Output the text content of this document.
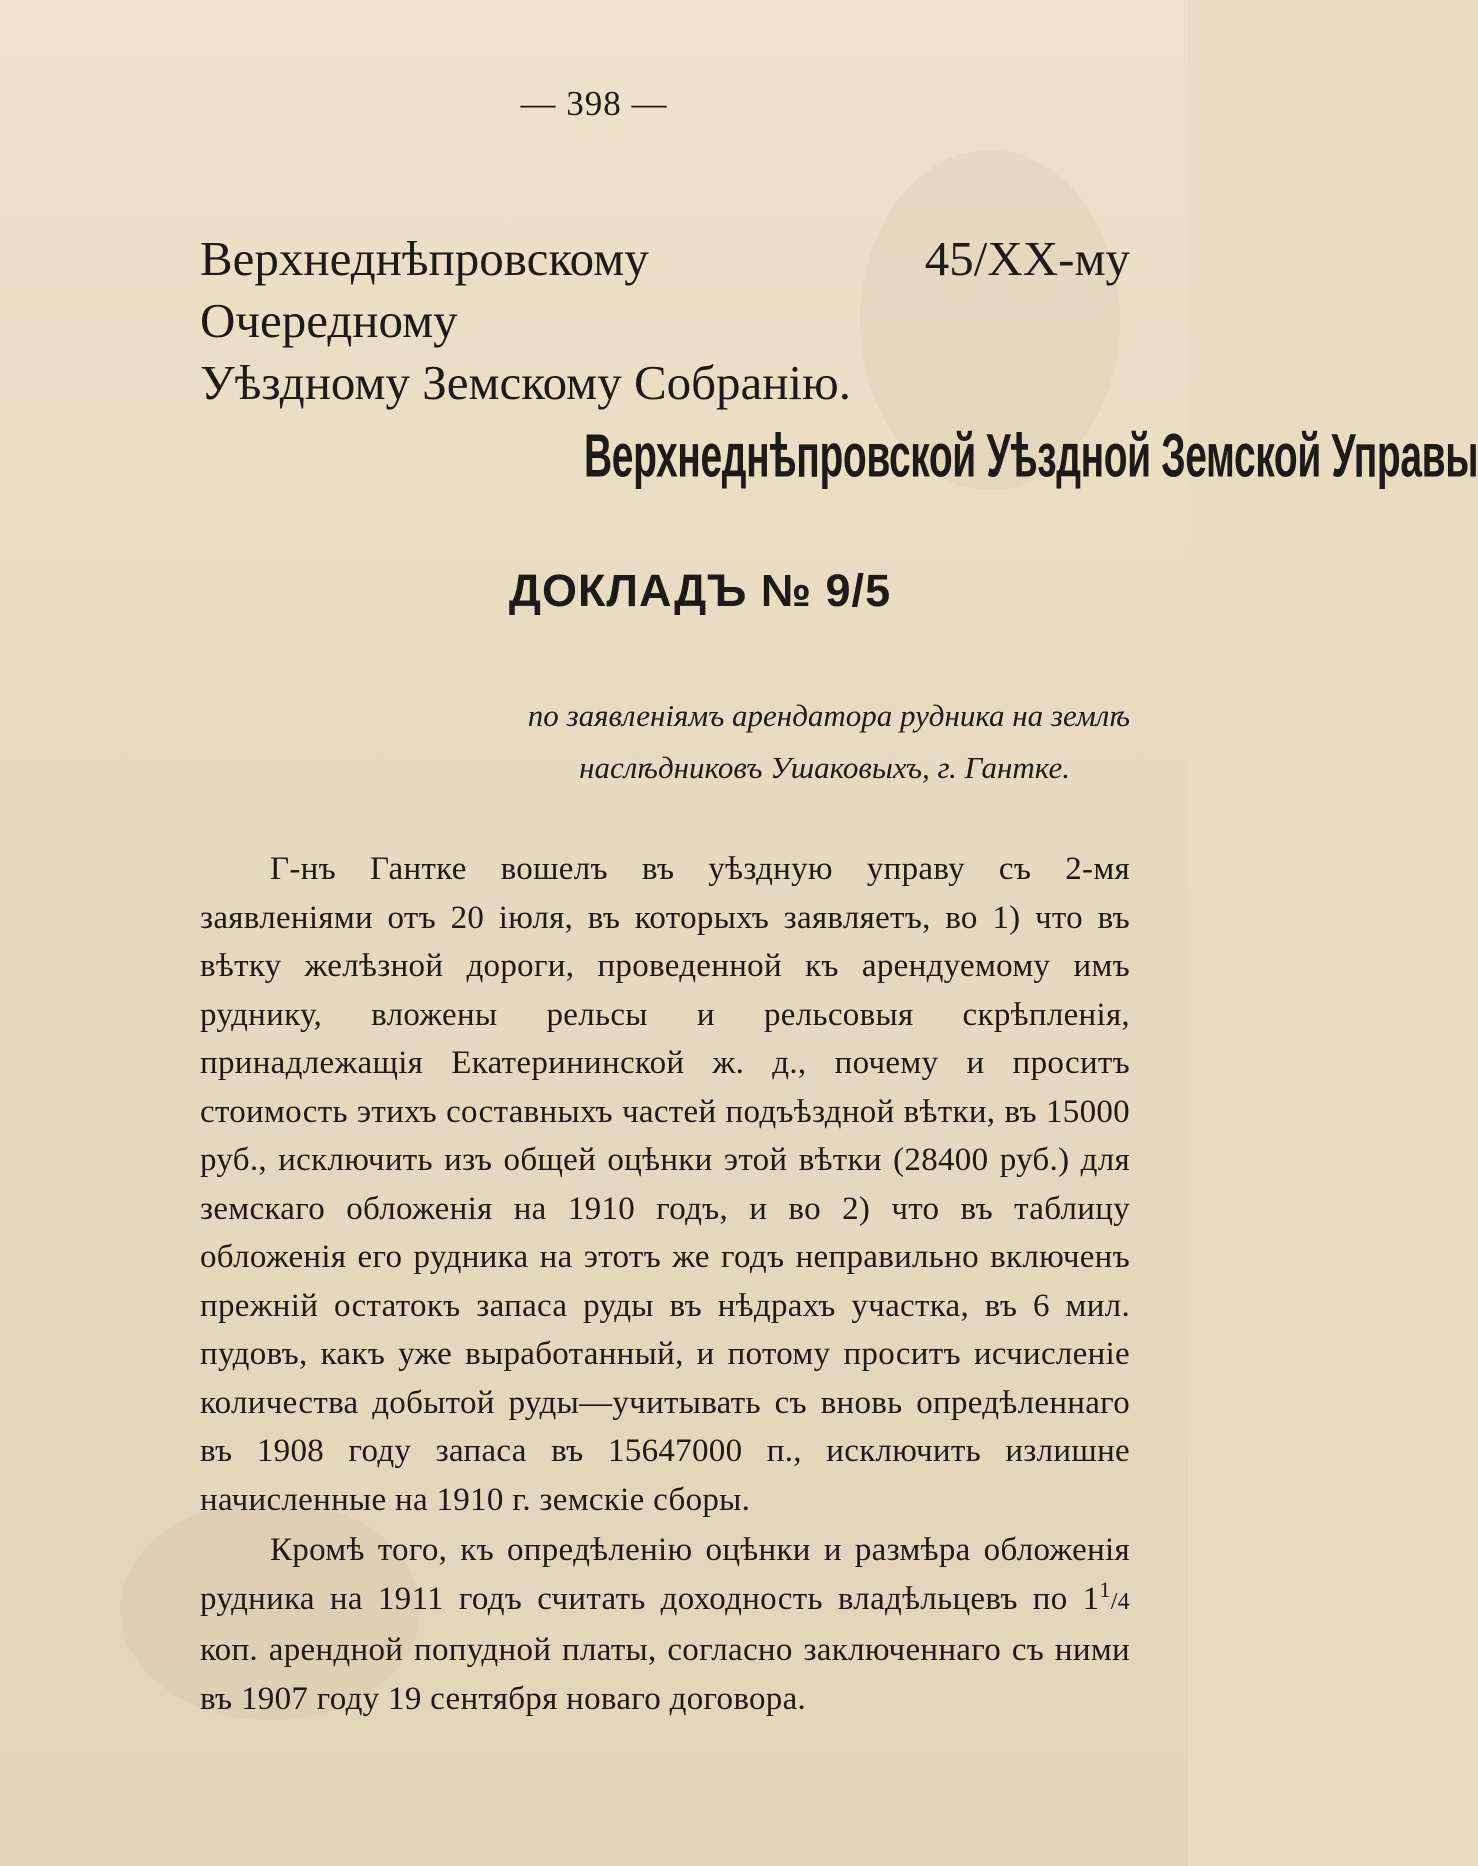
— 398 —
Верхнеднѣпровскому 45/XX-му Очередному
Уѣздному Земскому Собранію.
Верхнеднѣпровской Уѣздной Земской Управы
ДОКЛАДЪ № 9/5
по заявленіямъ арендатора рудника на землѣ
наслѣдниковъ Ушаковыхъ, г. Гантке.

Г-нъ Гантке вошелъ въ уѣздную управу съ 2-мя заявленіями отъ 20 іюля, въ которыхъ заявляетъ, во 1) что въ вѣтку желѣзной дороги, проведенной къ арендуемому имъ руднику, вложены рельсы и рельсовыя скрѣпленія, принадлежащія Екатерининской ж. д., почему и проситъ стоимость этихъ составныхъ частей подъѣздной вѣтки, въ 15000 руб., исключить изъ общей оцѣнки этой вѣтки (28400 руб.) для земскаго обложенія на 1910 годъ, и во 2) что въ таблицу обложенія его рудника на этотъ же годъ неправильно включенъ прежній остатокъ запаса руды въ нѣдрахъ участка, въ 6 мил. пудовъ, какъ уже выработанный, и потому проситъ исчисленіе количества добытой руды—учитывать съ вновь опредѣленнаго въ 1908 году запаса въ 15647000 п., исключить излишне начисленные на 1910 г. земскіе сборы.

Кромѣ того, къ опредѣленію оцѣнки и размѣра обложенія рудника на 1911 годъ считать доходность владѣльцевъ по $1^1/4$ коп. арендной попудной платы, согласно заключеннаго съ ними въ 1907 году 19 сентября новаго договора.
